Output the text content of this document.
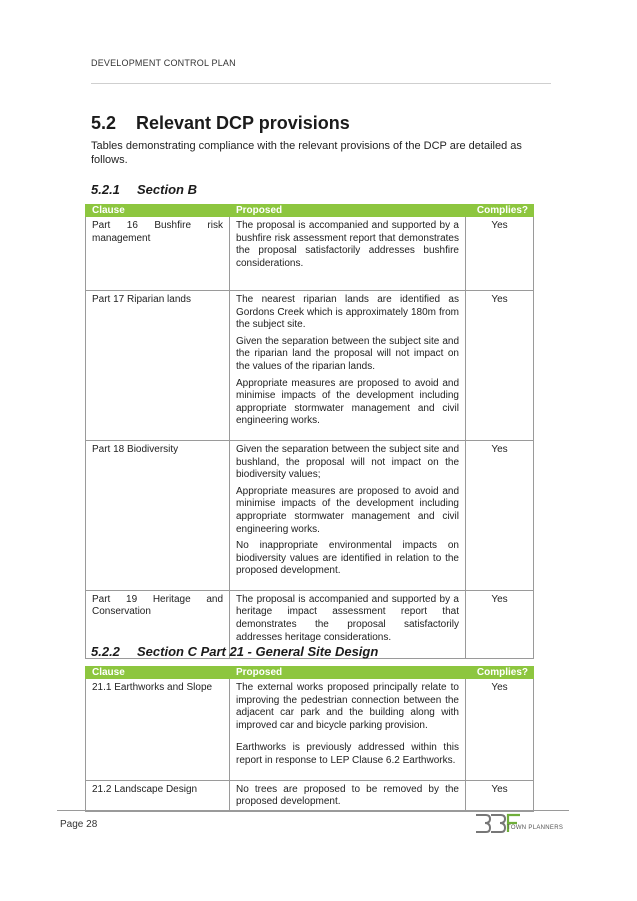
DEVELOPMENT CONTROL PLAN
5.2 Relevant DCP provisions
Tables demonstrating compliance with the relevant provisions of the DCP are detailed as follows.
5.2.1 Section B
Clause	Proposed	Complies?
Part 16 Bushfire risk management	The proposal is accompanied and supported by a bushfire risk assessment report that demonstrates the proposal satisfactorily addresses bushfire considerations.	Yes
Part 17 Riparian lands	The nearest riparian lands are identified as Gordons Creek which is approximately 180m from the subject site.

Given the separation between the subject site and the riparian land the proposal will not impact on the values of the riparian lands.

Appropriate measures are proposed to avoid and minimise impacts of the development including appropriate stormwater management and civil engineering works.	Yes
Part 18 Biodiversity	Given the separation between the subject site and bushland, the proposal will not impact on the biodiversity values;

Appropriate measures are proposed to avoid and minimise impacts of the development including appropriate stormwater management and civil engineering works.

No inappropriate environmental impacts on biodiversity values are identified in relation to the proposed development.	Yes
Part 19 Heritage and Conservation	The proposal is accompanied and supported by a heritage impact assessment report that demonstrates the proposal satisfactorily addresses heritage considerations.	Yes
5.2.2 Section C Part 21 - General Site Design
Clause	Proposed	Complies?
21.1 Earthworks and Slope	The external works proposed principally relate to improving the pedestrian connection between the adjacent car park and the building along with improved car and bicycle parking provision.

Earthworks is previously addressed within this report in response to LEP Clause 6.2 Earthworks.	Yes
21.2 Landscape Design	No trees are proposed to be removed by the proposed development.	Yes
Page 28	TOWN PLANNERS
